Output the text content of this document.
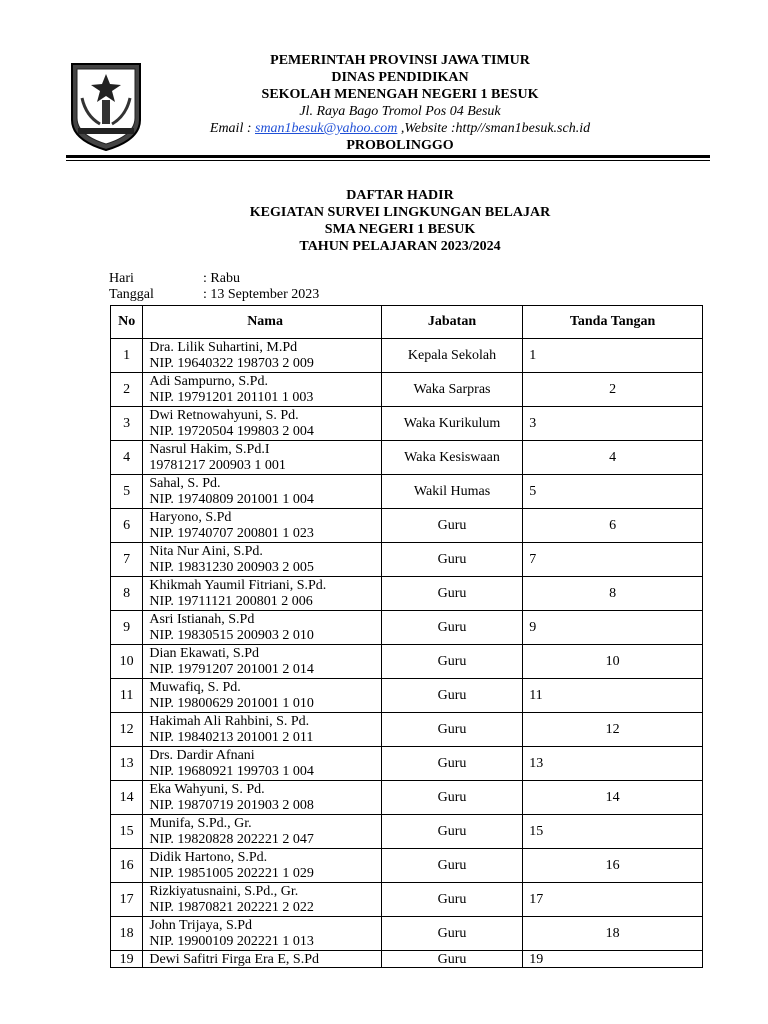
PEMERINTAH PROVINSI JAWA TIMUR
DINAS PENDIDIKAN
SEKOLAH MENENGAH NEGERI 1 BESUK
Jl. Raya Bago Tromol Pos 04 Besuk
Email : sman1besuk@yahoo.com ,Website :http//sman1besuk.sch.id
PROBOLINGGO
DAFTAR HADIR
KEGIATAN SURVEI LINGKUNGAN BELAJAR
SMA NEGERI 1 BESUK
TAHUN PELAJARAN 2023/2024
Hari	: Rabu
Tanggal	: 13 September 2023
No	Nama	Jabatan	Tanda Tangan
1	Dra. Lilik Suhartini, M.Pd
NIP. 19640322 198703 2 009	Kepala Sekolah	1
2	Adi Sampurno, S.Pd.
NIP. 19791201 201101 1 003	Waka Sarpras	2
3	Dwi Retnowahyuni, S. Pd.
NIP. 19720504 199803 2 004	Waka Kurikulum	3
4	Nasrul Hakim, S.Pd.I
19781217 200903 1 001	Waka Kesiswaan	4
5	Sahal, S. Pd.
NIP. 19740809 201001 1 004	Wakil Humas	5
6	Haryono, S.Pd
NIP. 19740707 200801 1 023	Guru	6
7	Nita Nur Aini, S.Pd.
NIP. 19831230 200903 2 005	Guru	7
8	Khikmah Yaumil Fitriani, S.Pd.
NIP. 19711121 200801 2 006	Guru	8
9	Asri Istianah, S.Pd
NIP. 19830515 200903 2 010	Guru	9
10	Dian Ekawati, S.Pd
NIP. 19791207 201001 2 014	Guru	10
11	Muwafiq, S. Pd.
NIP. 19800629 201001 1 010	Guru	11
12	Hakimah Ali Rahbini, S. Pd.
NIP. 19840213 201001 2 011	Guru	12
13	Drs. Dardir Afnani
NIP. 19680921 199703 1 004	Guru	13
14	Eka Wahyuni, S. Pd.
NIP. 19870719 201903 2 008	Guru	14
15	Munifa, S.Pd., Gr.
NIP. 19820828 202221 2 047	Guru	15
16	Didik Hartono, S.Pd.
NIP. 19851005 202221 1 029	Guru	16
17	Rizkiyatusnaini, S.Pd., Gr.
NIP. 19870821 202221 2 022	Guru	17
18	John Trijaya, S.Pd
NIP. 19900109 202221 1 013	Guru	18
19	Dewi Safitri Firga Era E, S.Pd	Guru	19
